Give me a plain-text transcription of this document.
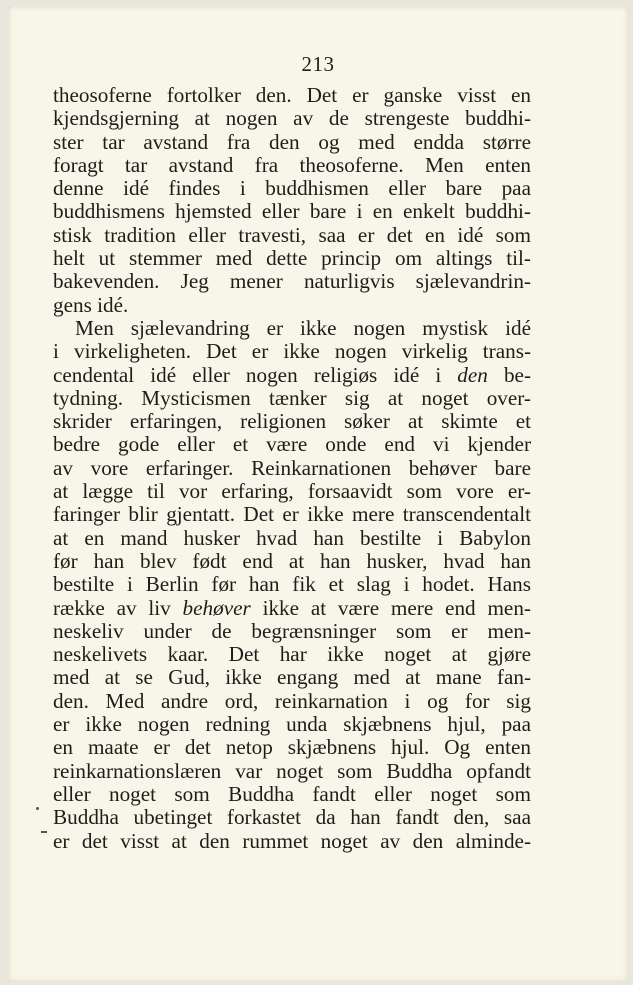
213
theosoferne fortolker den. Det er ganske visst en
kjendsgjerning at nogen av de strengeste buddhi-
ster tar avstand fra den og med endda større
foragt tar avstand fra theosoferne. Men enten
denne idé findes i buddhismen eller bare paa
buddhismens hjemsted eller bare i en enkelt buddhi-
stisk tradition eller travesti, saa er det en idé som
helt ut stemmer med dette princip om altings til-
bakevenden. Jeg mener naturligvis sjælevandrin-
gens idé.
Men sjælevandring er ikke nogen mystisk idé
i virkeligheten. Det er ikke nogen virkelig trans-
cendental idé eller nogen religiøs idé i den be-
tydning. Mysticismen tænker sig at noget over-
skrider erfaringen, religionen søker at skimte et
bedre gode eller et være onde end vi kjender
av vore erfaringer. Reinkarnationen behøver bare
at lægge til vor erfaring, forsaavidt som vore er-
faringer blir gjentatt. Det er ikke mere transcendentalt
at en mand husker hvad han bestilte i Babylon
før han blev født end at han husker, hvad han
bestilte i Berlin før han fik et slag i hodet. Hans
række av liv behøver ikke at være mere end men-
neskeliv under de begrænsninger som er men-
neskelivets kaar. Det har ikke noget at gjøre
med at se Gud, ikke engang med at mane fan-
den. Med andre ord, reinkarnation i og for sig
er ikke nogen redning unda skjæbnens hjul, paa
en maate er det netop skjæbnens hjul. Og enten
reinkarnationslæren var noget som Buddha opfandt
eller noget som Buddha fandt eller noget som
Buddha ubetinget forkastet da han fandt den, saa
er det visst at den rummet noget av den alminde-
